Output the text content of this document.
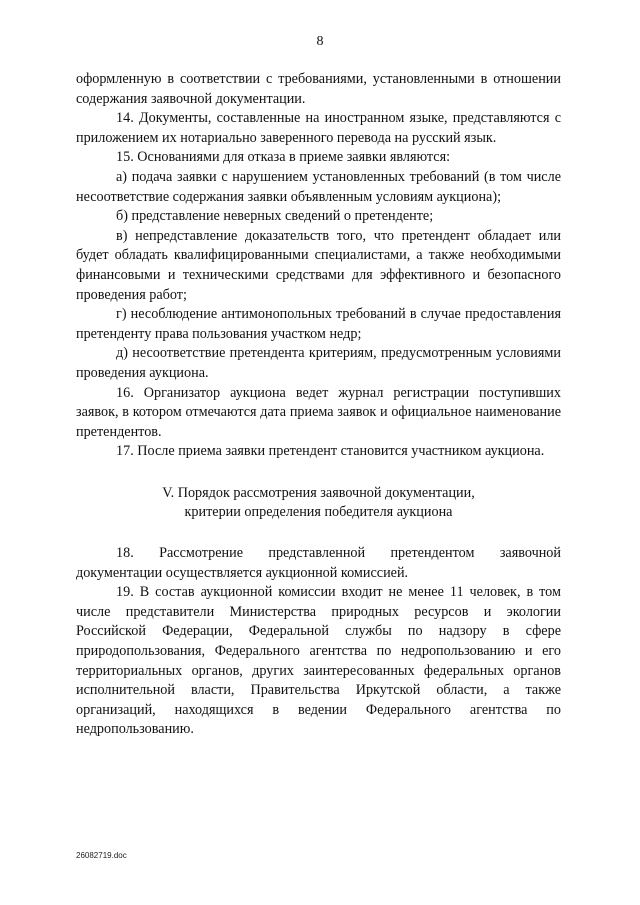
8

оформленную в соответствии с требованиями, установленными в отношении содержания заявочной документации.

14. Документы, составленные на иностранном языке, представляются с приложением их нотариально заверенного перевода на русский язык.

15. Основаниями для отказа в приеме заявки являются:

а) подача заявки с нарушением установленных требований (в том числе несоответствие содержания заявки объявленным условиям аукциона);

б) представление неверных сведений о претенденте;

в) непредставление доказательств того, что претендент обладает или будет обладать квалифицированными специалистами, а также необходимыми финансовыми и техническими средствами для эффективного и безопасного проведения работ;

г) несоблюдение антимонопольных требований в случае предоставления претенденту права пользования участком недр;

д) несоответствие претендента критериям, предусмотренным условиями проведения аукциона.

16. Организатор аукциона ведет журнал регистрации поступивших заявок, в котором отмечаются дата приема заявок и официальное наименование претендентов.

17. После приема заявки претендент становится участником аукциона.

V. Порядок рассмотрения заявочной документации,
критерии определения победителя аукциона

18. Рассмотрение представленной претендентом заявочной документации осуществляется аукционной комиссией.

19. В состав аукционной комиссии входит не менее 11 человек, в том числе представители Министерства природных ресурсов и экологии Российской Федерации, Федеральной службы по надзору в сфере природопользования, Федерального агентства по недропользованию и его территориальных органов, других заинтересованных федеральных органов исполнительной власти, Правительства Иркутской области, а также организаций, находящихся в ведении Федерального агентства по недропользованию.

26082719.doc
